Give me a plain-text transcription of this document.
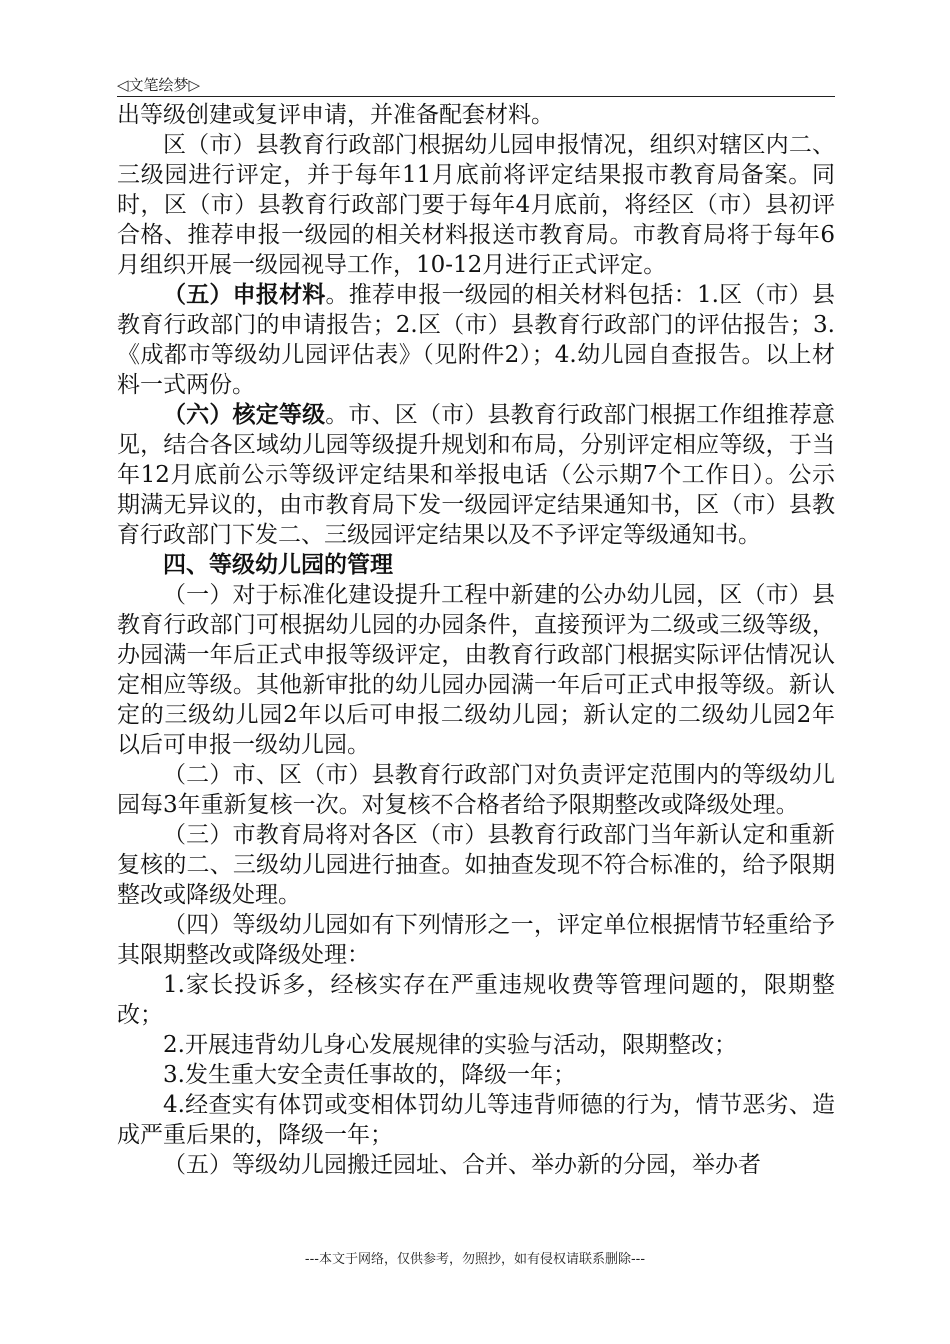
◁文笔绘梦▷

出等级创建或复评申请，并准备配套材料。

区（市）县教育行政部门根据幼儿园申报情况，组织对辖区内二、三级园进行评定，并于每年11月底前将评定结果报市教育局备案。同时，区（市）县教育行政部门要于每年4月底前，将经区（市）县初评合格、推荐申报一级园的相关材料报送市教育局。市教育局将于每年6月组织开展一级园视导工作，10-12月进行正式评定。

（五）申报材料。推荐申报一级园的相关材料包括：1.区（市）县教育行政部门的申请报告；2.区（市）县教育行政部门的评估报告；3.《成都市等级幼儿园评估表》（见附件2）；4.幼儿园自查报告。以上材料一式两份。

（六）核定等级。市、区（市）县教育行政部门根据工作组推荐意见，结合各区域幼儿园等级提升规划和布局，分别评定相应等级，于当年12月底前公示等级评定结果和举报电话（公示期7个工作日）。公示期满无异议的，由市教育局下发一级园评定结果通知书，区（市）县教育行政部门下发二、三级园评定结果以及不予评定等级通知书。

四、等级幼儿园的管理

（一）对于标准化建设提升工程中新建的公办幼儿园，区（市）县教育行政部门可根据幼儿园的办园条件，直接预评为二级或三级等级，办园满一年后正式申报等级评定，由教育行政部门根据实际评估情况认定相应等级。其他新审批的幼儿园办园满一年后可正式申报等级。新认定的三级幼儿园2年以后可申报二级幼儿园；新认定的二级幼儿园2年以后可申报一级幼儿园。

（二）市、区（市）县教育行政部门对负责评定范围内的等级幼儿园每3年重新复核一次。对复核不合格者给予限期整改或降级处理。

（三）市教育局将对各区（市）县教育行政部门当年新认定和重新复核的二、三级幼儿园进行抽查。如抽查发现不符合标准的，给予限期整改或降级处理。

（四）等级幼儿园如有下列情形之一，评定单位根据情节轻重给予其限期整改或降级处理：

1.家长投诉多，经核实存在严重违规收费等管理问题的，限期整改；

2.开展违背幼儿身心发展规律的实验与活动，限期整改；

3.发生重大安全责任事故的，降级一年；

4.经查实有体罚或变相体罚幼儿等违背师德的行为，情节恶劣、造成严重后果的，降级一年；

（五）等级幼儿园搬迁园址、合并、举办新的分园，举办者

---本文于网络，仅供参考，勿照抄，如有侵权请联系删除---
